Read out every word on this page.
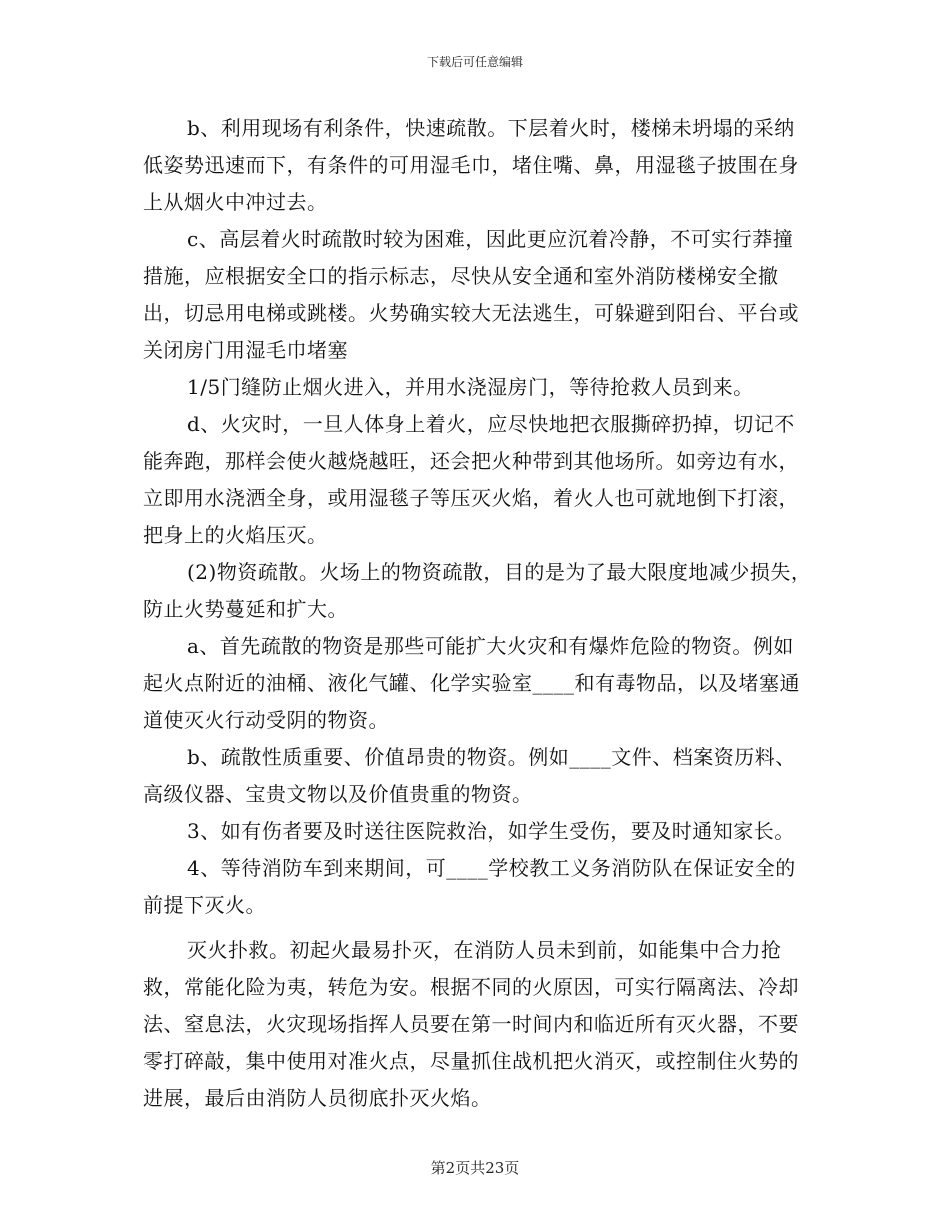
下载后可任意编辑

b、利用现场有利条件，快速疏散。下层着火时，楼梯未坍塌的采纳低姿势迅速而下，有条件的可用湿毛巾，堵住嘴、鼻，用湿毯子披围在身上从烟火中冲过去。

c、高层着火时疏散时较为困难，因此更应沉着冷静，不可实行莽撞措施，应根据安全口的指示标志，尽快从安全通和室外消防楼梯安全撤出，切忌用电梯或跳楼。火势确实较大无法逃生，可躲避到阳台、平台或关闭房门用湿毛巾堵塞

1/5门缝防止烟火进入，并用水浇湿房门，等待抢救人员到来。

d、火灾时，一旦人体身上着火，应尽快地把衣服撕碎扔掉，切记不能奔跑，那样会使火越烧越旺，还会把火种带到其他场所。如旁边有水，立即用水浇洒全身，或用湿毯子等压灭火焰，着火人也可就地倒下打滚，把身上的火焰压灭。

(2)物资疏散。火场上的物资疏散，目的是为了最大限度地减少损失，防止火势蔓延和扩大。

a、首先疏散的物资是那些可能扩大火灾和有爆炸危险的物资。例如起火点附近的油桶、液化气罐、化学实验室____和有毒物品，以及堵塞通道使灭火行动受阴的物资。

b、疏散性质重要、价值昂贵的物资。例如____文件、档案资历料、高级仪器、宝贵文物以及价值贵重的物资。

3、如有伤者要及时送往医院救治，如学生受伤，要及时通知家长。

4、等待消防车到来期间，可____学校教工义务消防队在保证安全的前提下灭火。

灭火扑救。初起火最易扑灭，在消防人员未到前，如能集中合力抢救，常能化险为夷，转危为安。根据不同的火原因，可实行隔离法、冷却法、窒息法，火灾现场指挥人员要在第一时间内和临近所有灭火器，不要零打碎敲，集中使用对准火点，尽量抓住战机把火消灭，或控制住火势的进展，最后由消防人员彻底扑灭火焰。

第2页共23页
